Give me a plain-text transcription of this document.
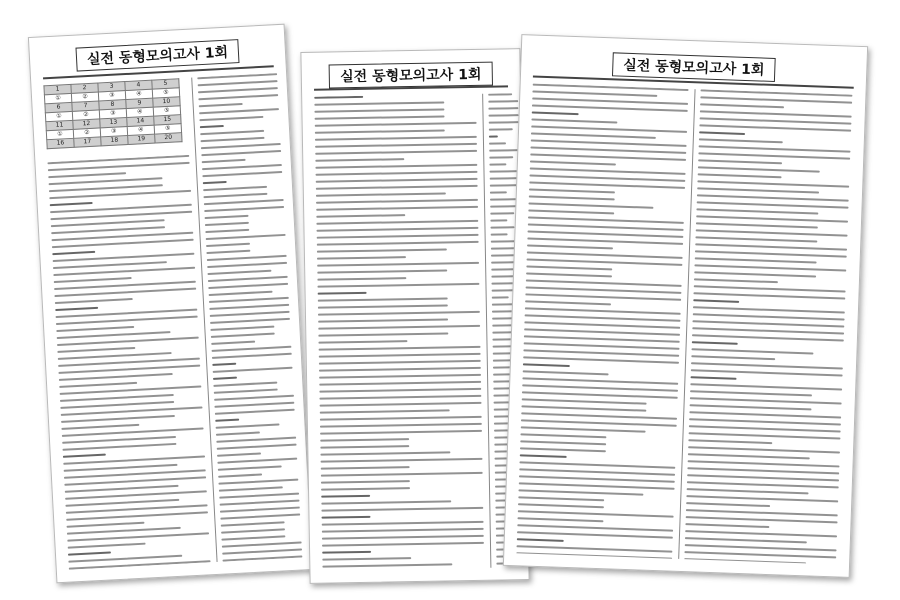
실전 동형모의고사 1회
1	2	3	4	5
①	②	③	④	⑤
6	7	8	9	10
①	②	③	④	⑤
11	12	13	14	15
①	②	③	④	⑤
16	17	18	19	20
실전 동형모의고사 1회	실전 동형모의고사 1회
